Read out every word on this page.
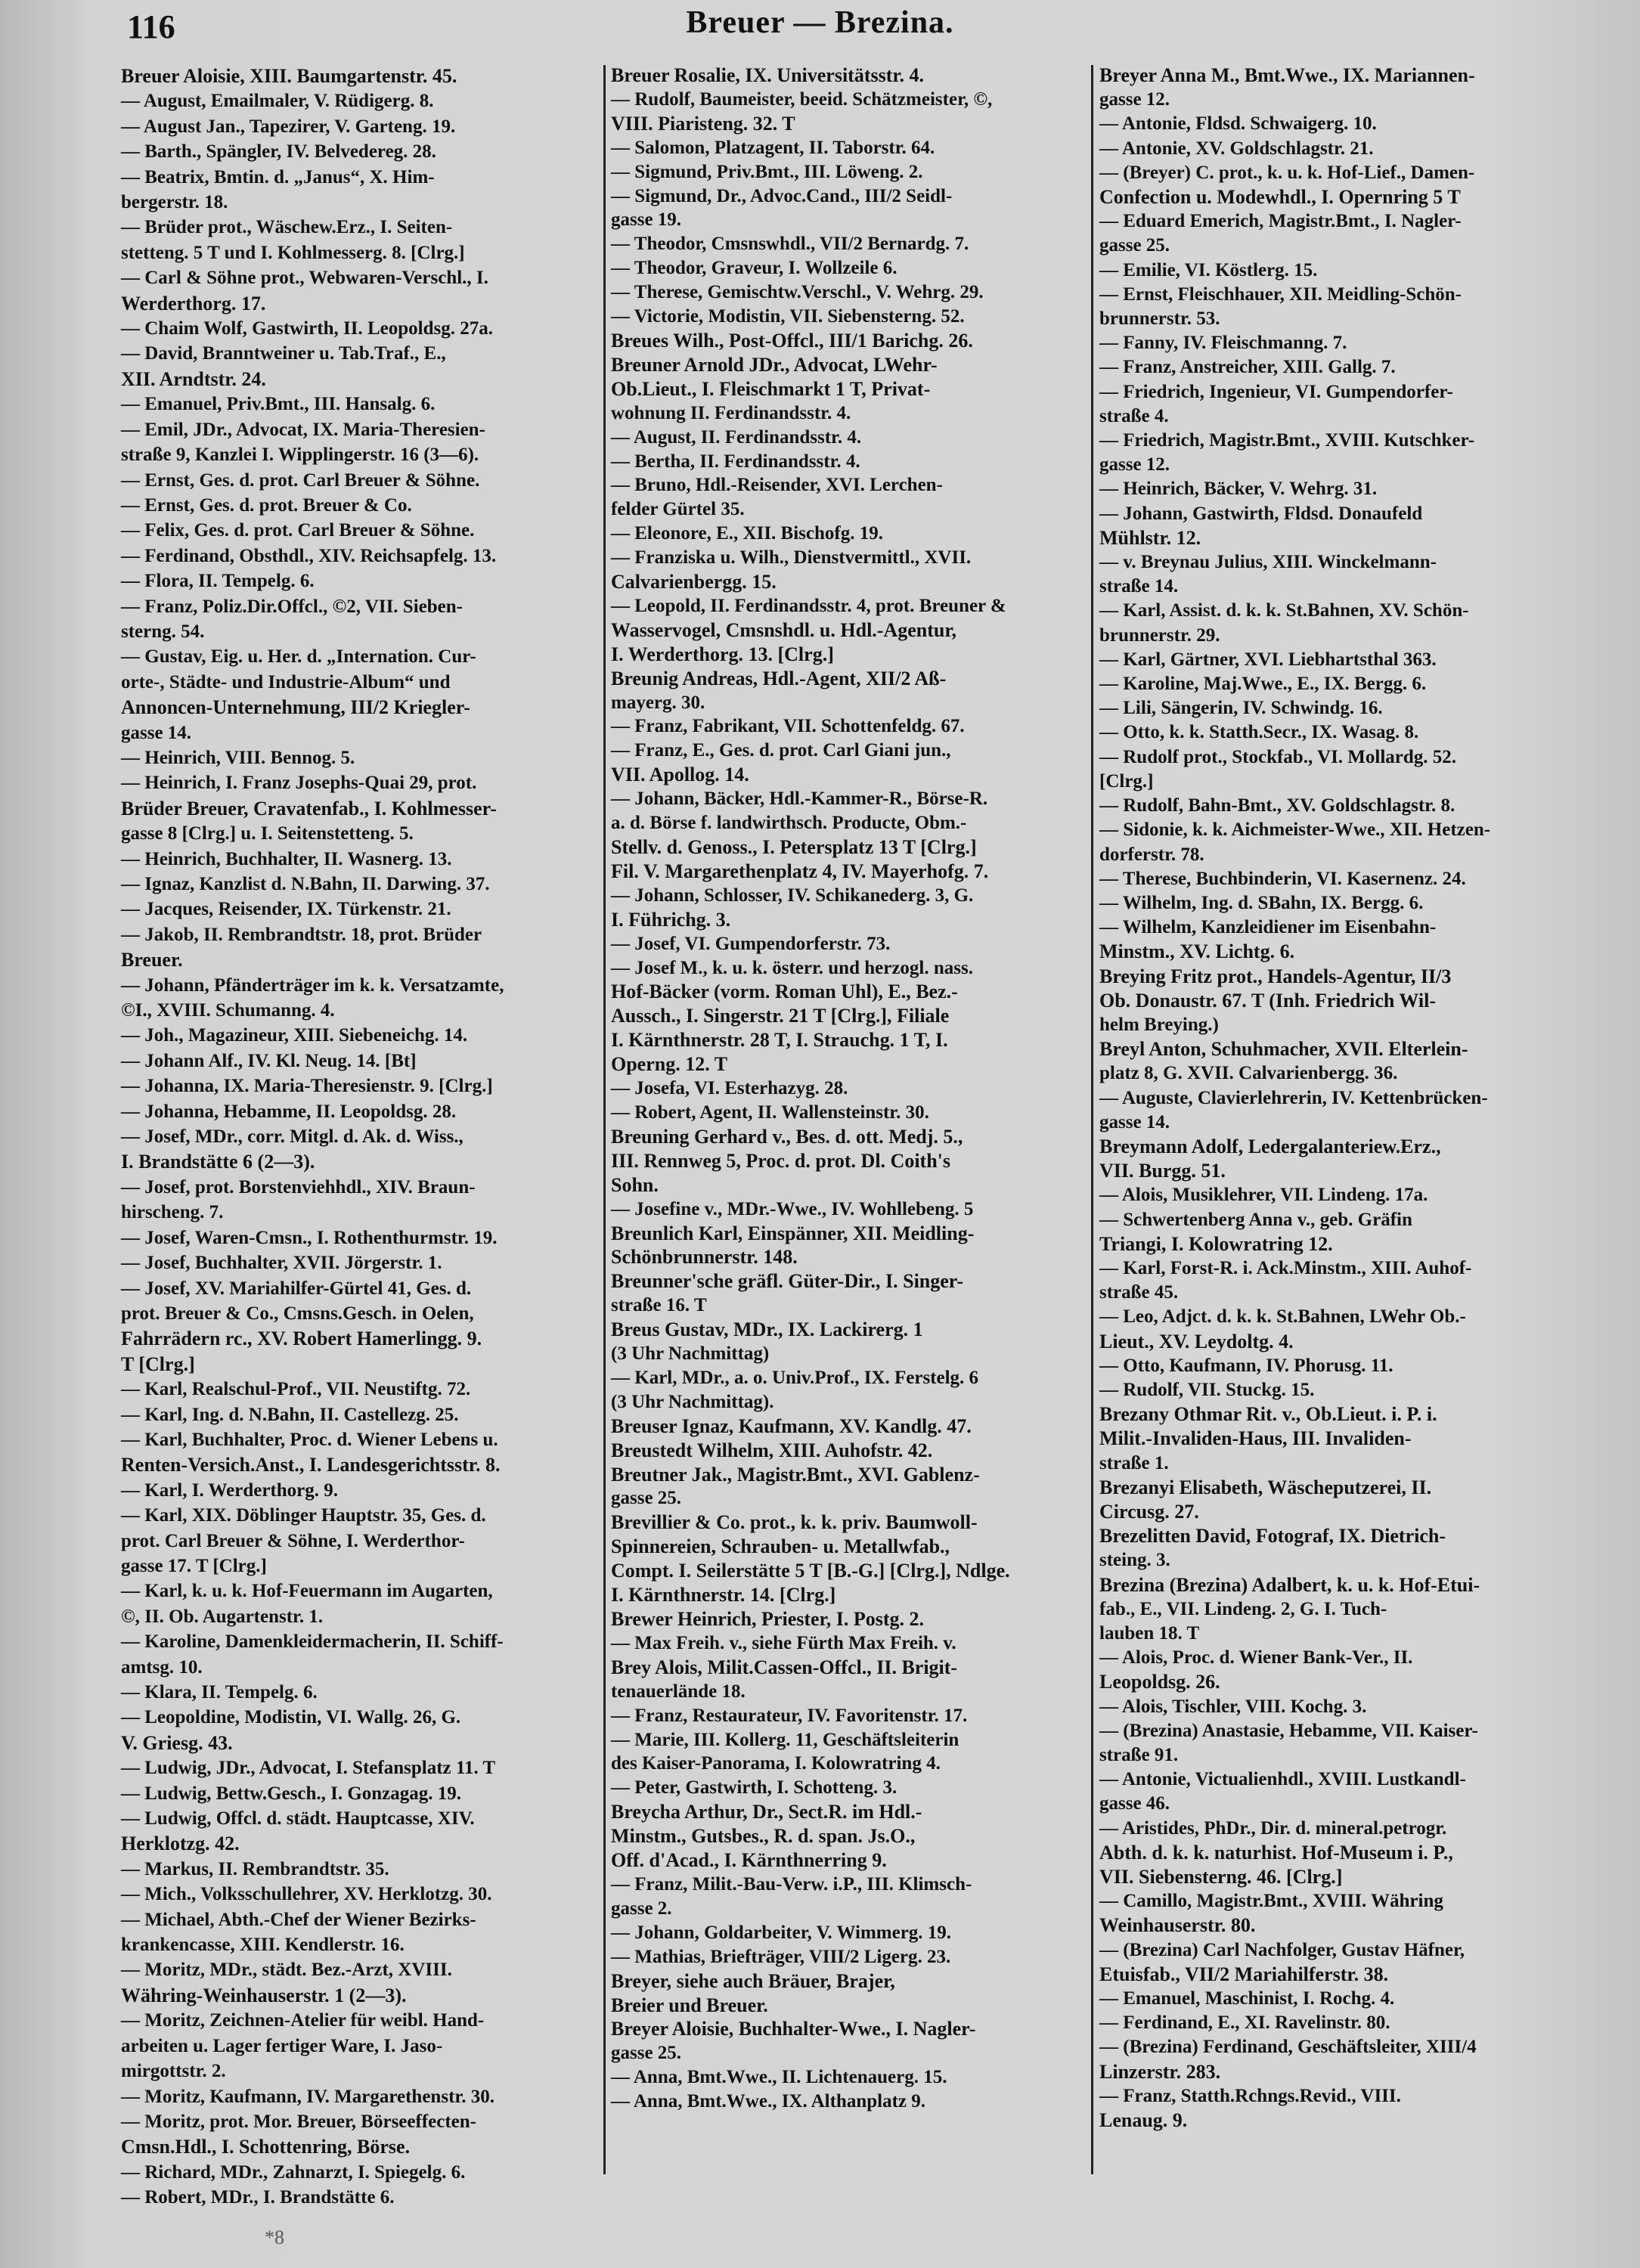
116	Breuer — Brezina.
Breuer Aloisie, XIII. Baumgartenstr. 45.
— August, Emailmaler, V. Rüdigerg. 8.
— August Jan., Tapezirer, V. Garteng. 19.
— Barth., Spängler, IV. Belvedereg. 28.
— Beatrix, Bmtin. d. „Janus“, X. Him-
bergerstr. 18.
— Brüder prot., Wäschew.Erz., I. Seiten-
stetteng. 5 T und I. Kohlmesserg. 8. [Clrg.]
— Carl & Söhne prot., Webwaren-Verschl., I.
Werderthorg. 17.
— Chaim Wolf, Gastwirth, II. Leopoldsg. 27a.
— David, Branntweiner u. Tab.Traf., E.,
XII. Arndtstr. 24.
— Emanuel, Priv.Bmt., III. Hansalg. 6.
— Emil, JDr., Advocat, IX. Maria-Theresien-
straße 9, Kanzlei I. Wipplingerstr. 16 (3—6).
— Ernst, Ges. d. prot. Carl Breuer & Söhne.
— Ernst, Ges. d. prot. Breuer & Co.
— Felix, Ges. d. prot. Carl Breuer & Söhne.
— Ferdinand, Obsthdl., XIV. Reichsapfelg. 13.
— Flora, II. Tempelg. 6.
— Franz, Poliz.Dir.Offcl., ©2, VII. Sieben-
sterng. 54.
— Gustav, Eig. u. Her. d. „Internation. Cur-
orte-, Städte- und Industrie-Album“ und
Annoncen-Unternehmung, III/2 Kriegler-
gasse 14.
— Heinrich, VIII. Bennog. 5.
— Heinrich, I. Franz Josephs-Quai 29, prot.
Brüder Breuer, Cravatenfab., I. Kohlmesser-
gasse 8 [Clrg.] u. I. Seitenstetteng. 5.
— Heinrich, Buchhalter, II. Wasnerg. 13.
— Ignaz, Kanzlist d. N.Bahn, II. Darwing. 37.
— Jacques, Reisender, IX. Türkenstr. 21.
— Jakob, II. Rembrandtstr. 18, prot. Brüder
Breuer.
— Johann, Pfänderträger im k. k. Versatzamte,
©I., XVIII. Schumanng. 4.
— Joh., Magazineur, XIII. Siebeneichg. 14.
— Johann Alf., IV. Kl. Neug. 14. [Bt]
— Johanna, IX. Maria-Theresienstr. 9. [Clrg.]
— Johanna, Hebamme, II. Leopoldsg. 28.
— Josef, MDr., corr. Mitgl. d. Ak. d. Wiss.,
I. Brandstätte 6 (2—3).
— Josef, prot. Borstenviehhdl., XIV. Braun-
hirscheng. 7.
— Josef, Waren-Cmsn., I. Rothenthurmstr. 19.
— Josef, Buchhalter, XVII. Jörgerstr. 1.
— Josef, XV. Mariahilfer-Gürtel 41, Ges. d.
prot. Breuer & Co., Cmsns.Gesch. in Oelen,
Fahrrädern rc., XV. Robert Hamerlingg. 9.
T [Clrg.]
— Karl, Realschul-Prof., VII. Neustiftg. 72.
— Karl, Ing. d. N.Bahn, II. Castellezg. 25.
— Karl, Buchhalter, Proc. d. Wiener Lebens u.
Renten-Versich.Anst., I. Landesgerichtsstr. 8.
— Karl, I. Werderthorg. 9.
— Karl, XIX. Döblinger Hauptstr. 35, Ges. d.
prot. Carl Breuer & Söhne, I. Werderthor-
gasse 17. T [Clrg.]
— Karl, k. u. k. Hof-Feuermann im Augarten,
©, II. Ob. Augartenstr. 1.
— Karoline, Damenkleidermacherin, II. Schiff-
amtsg. 10.
— Klara, II. Tempelg. 6.
— Leopoldine, Modistin, VI. Wallg. 26, G.
V. Griesg. 43.
— Ludwig, JDr., Advocat, I. Stefansplatz 11. T
— Ludwig, Bettw.Gesch., I. Gonzagag. 19.
— Ludwig, Offcl. d. städt. Hauptcasse, XIV.
Herklotzg. 42.
— Markus, II. Rembrandtstr. 35.
— Mich., Volksschullehrer, XV. Herklotzg. 30.
— Michael, Abth.-Chef der Wiener Bezirks-
krankencasse, XIII. Kendlerstr. 16.
— Moritz, MDr., städt. Bez.-Arzt, XVIII.
Währing-Weinhauserstr. 1 (2—3).
— Moritz, Zeichnen-Atelier für weibl. Hand-
arbeiten u. Lager fertiger Ware, I. Jaso-
mirgottstr. 2.
— Moritz, Kaufmann, IV. Margarethenstr. 30.
— Moritz, prot. Mor. Breuer, Börseeffecten-
Cmsn.Hdl., I. Schottenring, Börse.
— Richard, MDr., Zahnarzt, I. Spiegelg. 6.
— Robert, MDr., I. Brandstätte 6.
Breuer Rosalie, IX. Universitätsstr. 4.
— Rudolf, Baumeister, beeid. Schätzmeister, ©,
VIII. Piaristeng. 32. T
— Salomon, Platzagent, II. Taborstr. 64.
— Sigmund, Priv.Bmt., III. Löweng. 2.
— Sigmund, Dr., Advoc.Cand., III/2 Seidl-
gasse 19.
— Theodor, Cmsnswhdl., VII/2 Bernardg. 7.
— Theodor, Graveur, I. Wollzeile 6.
— Therese, Gemischtw.Verschl., V. Wehrg. 29.
— Victorie, Modistin, VII. Siebensterng. 52.
Breues Wilh., Post-Offcl., III/1 Barichg. 26.
Breuner Arnold JDr., Advocat, LWehr-
Ob.Lieut., I. Fleischmarkt 1 T, Privat-
wohnung II. Ferdinandsstr. 4.
— August, II. Ferdinandsstr. 4.
— Bertha, II. Ferdinandsstr. 4.
— Bruno, Hdl.-Reisender, XVI. Lerchen-
felder Gürtel 35.
— Eleonore, E., XII. Bischofg. 19.
— Franziska u. Wilh., Dienstvermittl., XVII.
Calvarienbergg. 15.
— Leopold, II. Ferdinandsstr. 4, prot. Breuner &
Wasservogel, Cmsnshdl. u. Hdl.-Agentur,
I. Werderthorg. 13. [Clrg.]
Breunig Andreas, Hdl.-Agent, XII/2 Aß-
mayerg. 30.
— Franz, Fabrikant, VII. Schottenfeldg. 67.
— Franz, E., Ges. d. prot. Carl Giani jun.,
VII. Apollog. 14.
— Johann, Bäcker, Hdl.-Kammer-R., Börse-R.
a. d. Börse f. landwirthsch. Producte, Obm.-
Stellv. d. Genoss., I. Petersplatz 13 T [Clrg.]
Fil. V. Margarethenplatz 4, IV. Mayerhofg. 7.
— Johann, Schlosser, IV. Schikanederg. 3, G.
I. Führichg. 3.
— Josef, VI. Gumpendorferstr. 73.
— Josef M., k. u. k. österr. und herzogl. nass.
Hof-Bäcker (vorm. Roman Uhl), E., Bez.-
Aussch., I. Singerstr. 21 T [Clrg.], Filiale
I. Kärnthnerstr. 28 T, I. Strauchg. 1 T, I.
Operng. 12. T
— Josefa, VI. Esterhazyg. 28.
— Robert, Agent, II. Wallensteinstr. 30.
Breuning Gerhard v., Bes. d. ott. Medj. 5.,
III. Rennweg 5, Proc. d. prot. Dl. Coith's
Sohn.
— Josefine v., MDr.-Wwe., IV. Wohllebeng. 5
Breunlich Karl, Einspänner, XII. Meidling-
Schönbrunnerstr. 148.
Breunner'sche gräfl. Güter-Dir., I. Singer-
straße 16. T
Breus Gustav, MDr., IX. Lackirerg. 1
(3 Uhr Nachmittag)
— Karl, MDr., a. o. Univ.Prof., IX. Ferstelg. 6
(3 Uhr Nachmittag).
Breuser Ignaz, Kaufmann, XV. Kandlg. 47.
Breustedt Wilhelm, XIII. Auhofstr. 42.
Breutner Jak., Magistr.Bmt., XVI. Gablenz-
gasse 25.
Brevillier & Co. prot., k. k. priv. Baumwoll-
Spinnereien, Schrauben- u. Metallwfab.,
Compt. I. Seilerstätte 5 T [B.-G.] [Clrg.], Ndlge.
I. Kärnthnerstr. 14. [Clrg.]
Brewer Heinrich, Priester, I. Postg. 2.
— Max Freih. v., siehe Fürth Max Freih. v.
Brey Alois, Milit.Cassen-Offcl., II. Brigit-
tenauerlände 18.
— Franz, Restaurateur, IV. Favoritenstr. 17.
— Marie, III. Kollerg. 11, Geschäftsleiterin
des Kaiser-Panorama, I. Kolowratring 4.
— Peter, Gastwirth, I. Schotteng. 3.
Breycha Arthur, Dr., Sect.R. im Hdl.-
Minstm., Gutsbes., R. d. span. Js.O.,
Off. d'Acad., I. Kärnthnerring 9.
— Franz, Milit.-Bau-Verw. i.P., III. Klimsch-
gasse 2.
— Johann, Goldarbeiter, V. Wimmerg. 19.
— Mathias, Briefträger, VIII/2 Ligerg. 23.
Breyer, siehe auch Bräuer, Brajer,
Breier und Breuer.
Breyer Aloisie, Buchhalter-Wwe., I. Nagler-
gasse 25.
— Anna, Bmt.Wwe., II. Lichtenauerg. 15.
— Anna, Bmt.Wwe., IX. Althanplatz 9.
Breyer Anna M., Bmt.Wwe., IX. Mariannen-
gasse 12.
— Antonie, Fldsd. Schwaigerg. 10.
— Antonie, XV. Goldschlagstr. 21.
— (Breyer) C. prot., k. u. k. Hof-Lief., Damen-
Confection u. Modewhdl., I. Opernring 5 T
— Eduard Emerich, Magistr.Bmt., I. Nagler-
gasse 25.
— Emilie, VI. Köstlerg. 15.
— Ernst, Fleischhauer, XII. Meidling-Schön-
brunnerstr. 53.
— Fanny, IV. Fleischmanng. 7.
— Franz, Anstreicher, XIII. Gallg. 7.
— Friedrich, Ingenieur, VI. Gumpendorfer-
straße 4.
— Friedrich, Magistr.Bmt., XVIII. Kutschker-
gasse 12.
— Heinrich, Bäcker, V. Wehrg. 31.
— Johann, Gastwirth, Fldsd. Donaufeld
Mühlstr. 12.
— v. Breynau Julius, XIII. Winckelmann-
straße 14.
— Karl, Assist. d. k. k. St.Bahnen, XV. Schön-
brunnerstr. 29.
— Karl, Gärtner, XVI. Liebhartsthal 363.
— Karoline, Maj.Wwe., E., IX. Bergg. 6.
— Lili, Sängerin, IV. Schwindg. 16.
— Otto, k. k. Statth.Secr., IX. Wasag. 8.
— Rudolf prot., Stockfab., VI. Mollardg. 52.
[Clrg.]
— Rudolf, Bahn-Bmt., XV. Goldschlagstr. 8.
— Sidonie, k. k. Aichmeister-Wwe., XII. Hetzen-
dorferstr. 78.
— Therese, Buchbinderin, VI. Kasernenz. 24.
— Wilhelm, Ing. d. SBahn, IX. Bergg. 6.
— Wilhelm, Kanzleidiener im Eisenbahn-
Minstm., XV. Lichtg. 6.
Breying Fritz prot., Handels-Agentur, II/3
Ob. Donaustr. 67. T (Inh. Friedrich Wil-
helm Breying.)
Breyl Anton, Schuhmacher, XVII. Elterlein-
platz 8, G. XVII. Calvarienbergg. 36.
— Auguste, Clavierlehrerin, IV. Kettenbrücken-
gasse 14.
Breymann Adolf, Ledergalanteriew.Erz.,
VII. Burgg. 51.
— Alois, Musiklehrer, VII. Lindeng. 17a.
— Schwertenberg Anna v., geb. Gräfin
Triangi, I. Kolowratring 12.
— Karl, Forst-R. i. Ack.Minstm., XIII. Auhof-
straße 45.
— Leo, Adjct. d. k. k. St.Bahnen, LWehr Ob.-
Lieut., XV. Leydoltg. 4.
— Otto, Kaufmann, IV. Phorusg. 11.
— Rudolf, VII. Stuckg. 15.
Brezany Othmar Rit. v., Ob.Lieut. i. P. i.
Milit.-Invaliden-Haus, III. Invaliden-
straße 1.
Brezanyi Elisabeth, Wäscheputzerei, II.
Circusg. 27.
Brezelitten David, Fotograf, IX. Dietrich-
steing. 3.
Brezina (Brezina) Adalbert, k. u. k. Hof-Etui-
fab., E., VII. Lindeng. 2, G. I. Tuch-
lauben 18. T
— Alois, Proc. d. Wiener Bank-Ver., II.
Leopoldsg. 26.
— Alois, Tischler, VIII. Kochg. 3.
— (Brezina) Anastasie, Hebamme, VII. Kaiser-
straße 91.
— Antonie, Victualienhdl., XVIII. Lustkandl-
gasse 46.
— Aristides, PhDr., Dir. d. mineral.petrogr.
Abth. d. k. k. naturhist. Hof-Museum i. P.,
VII. Siebensterng. 46. [Clrg.]
— Camillo, Magistr.Bmt., XVIII. Währing
Weinhauserstr. 80.
— (Brezina) Carl Nachfolger, Gustav Häfner,
Etuisfab., VII/2 Mariahilferstr. 38.
— Emanuel, Maschinist, I. Rochg. 4.
— Ferdinand, E., XI. Ravelinstr. 80.
— (Brezina) Ferdinand, Geschäftsleiter, XIII/4
Linzerstr. 283.
— Franz, Statth.Rchngs.Revid., VIII.
Lenaug. 9.
*8
